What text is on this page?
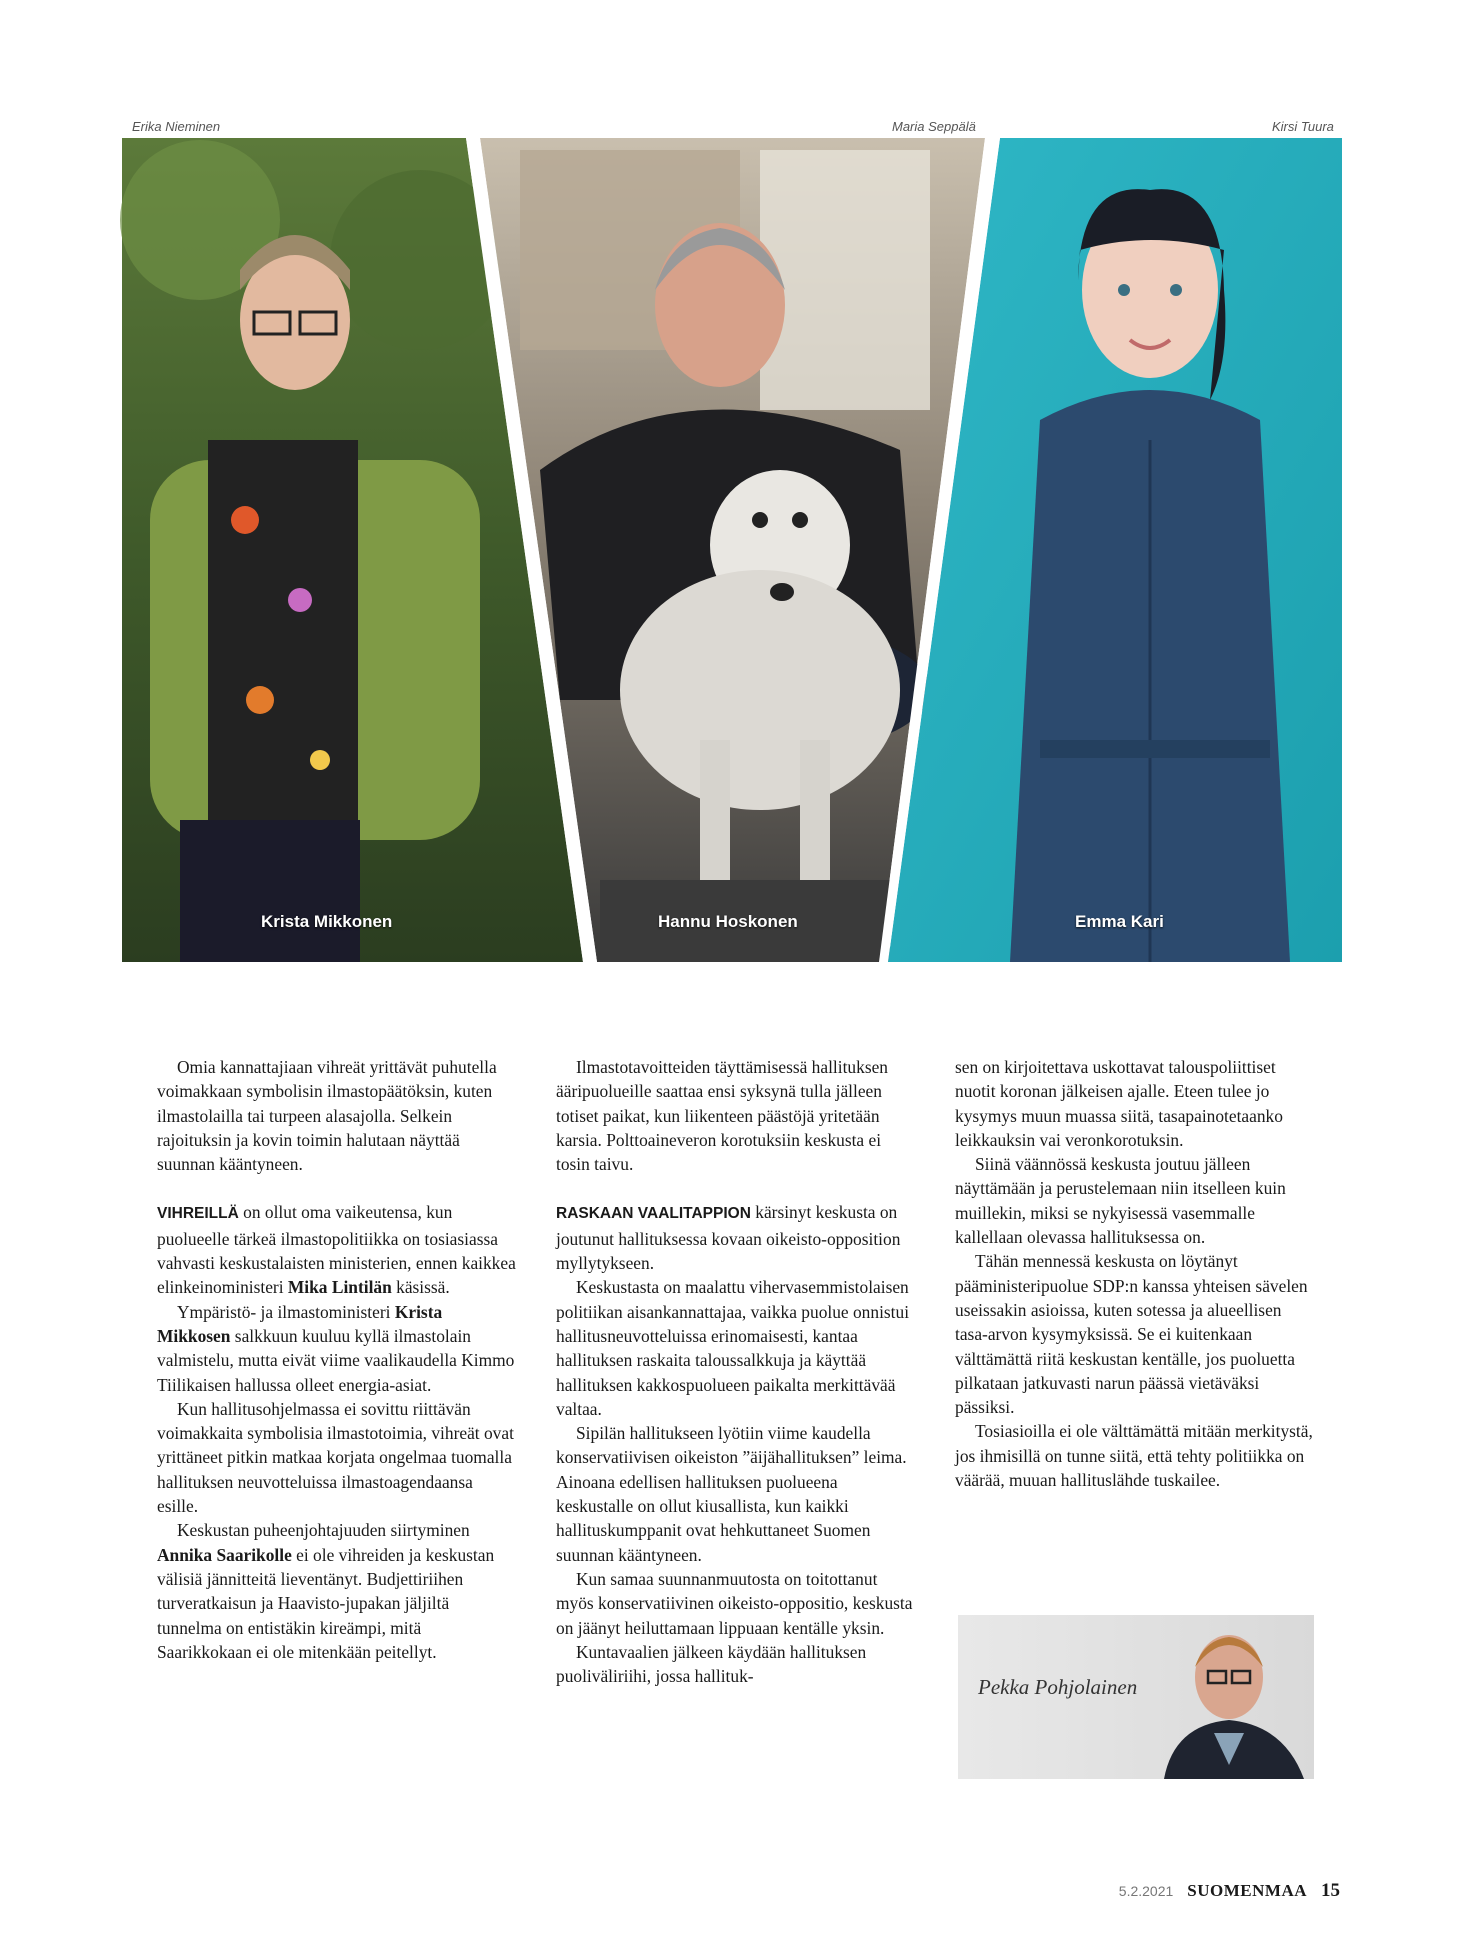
Erika Nieminen	Maria Seppälä	Kirsi Tuura
Krista Mikkonen	Hannu Hoskonen	Emma Kari

Omia kannattajiaan vihreät yrittävät puhutella voimakkaan symbolisin ilmastopäätöksin, kuten ilmastolailla tai turpeen alasajolla. Selkein rajoituksin ja kovin toimin halutaan näyttää suunnan kääntyneen.

VIHREILLÄ on ollut oma vaikeutensa, kun puolueelle tärkeä ilmastopolitiikka on tosiasiassa vahvasti keskustalaisten ministerien, ennen kaikkea elinkeinoministeri Mika Lintilän käsissä.

Ympäristö- ja ilmastoministeri Krista Mikkosen salkkuun kuuluu kyllä ilmastolain valmistelu, mutta eivät viime vaalikaudella Kimmo Tiilikaisen hallussa olleet energia-asiat.

Kun hallitusohjelmassa ei sovittu riittävän voimakkaita symbolisia ilmastotoimia, vihreät ovat yrittäneet pitkin matkaa korjata ongelmaa tuomalla hallituksen neuvotteluissa ilmastoagendaansa esille.

Keskustan puheenjohtajuuden siirtyminen Annika Saarikolle ei ole vihreiden ja keskustan välisiä jännitteitä lieventänyt. Budjettiriihen turveratkaisun ja Haavisto-jupakan jäljiltä tunnelma on entistäkin kireämpi, mitä Saarikkokaan ei ole mitenkään peitellyt.

Ilmastotavoitteiden täyttämisessä hallituksen ääripuolueille saattaa ensi syksynä tulla jälleen totiset paikat, kun liikenteen päästöjä yritetään karsia. Polttoaineveron korotuksiin keskusta ei tosin taivu.

RASKAAN VAALITAPPION kärsinyt keskusta on joutunut hallituksessa kovaan oikeisto-opposition myllytykseen.

Keskustasta on maalattu vihervasemmistolaisen politiikan aisankannattajaa, vaikka puolue onnistui hallitusneuvotteluissa erinomaisesti, kantaa hallituksen raskaita taloussalkkuja ja käyttää hallituksen kakkospuolueen paikalta merkittävää valtaa.

Sipilän hallitukseen lyötiin viime kaudella konservatiivisen oikeiston ”äijähallituksen” leima. Ainoana edellisen hallituksen puolueena keskustalle on ollut kiusallista, kun kaikki hallituskumppanit ovat hehkuttaneet Suomen suunnan kääntyneen.

Kun samaa suunnanmuutosta on toitottanut myös konservatiivinen oikeisto-oppositio, keskusta on jäänyt heiluttamaan lippuaan kentälle yksin.

Kuntavaalien jälkeen käydään hallituksen puoliväliriihi, jossa hallituk-

sen on kirjoitettava uskottavat talouspoliittiset nuotit koronan jälkeisen ajalle. Eteen tulee jo kysymys muun muassa siitä, tasapainotetaanko leikkauksin vai veronkorotuksin.

Siinä väännössä keskusta joutuu jälleen näyttämään ja perustelemaan niin itselleen kuin muillekin, miksi se nykyisessä vasemmalle kallellaan olevassa hallituksessa on.

Tähän mennessä keskusta on löytänyt pääministeripuolue SDP:n kanssa yhteisen sävelen useissakin asioissa, kuten sotessa ja alueellisen tasa-arvon kysymyksissä. Se ei kuitenkaan välttämättä riitä keskustan kentälle, jos puoluetta pilkataan jatkuvasti narun päässä vietäväksi pässiksi.

Tosiasioilla ei ole välttämättä mitään merkitystä, jos ihmisillä on tunne siitä, että tehty politiikka on väärää, muuan hallituslähde tuskailee.

Pekka Pohjolainen
5.2.2021 SUOMENMAA 15
